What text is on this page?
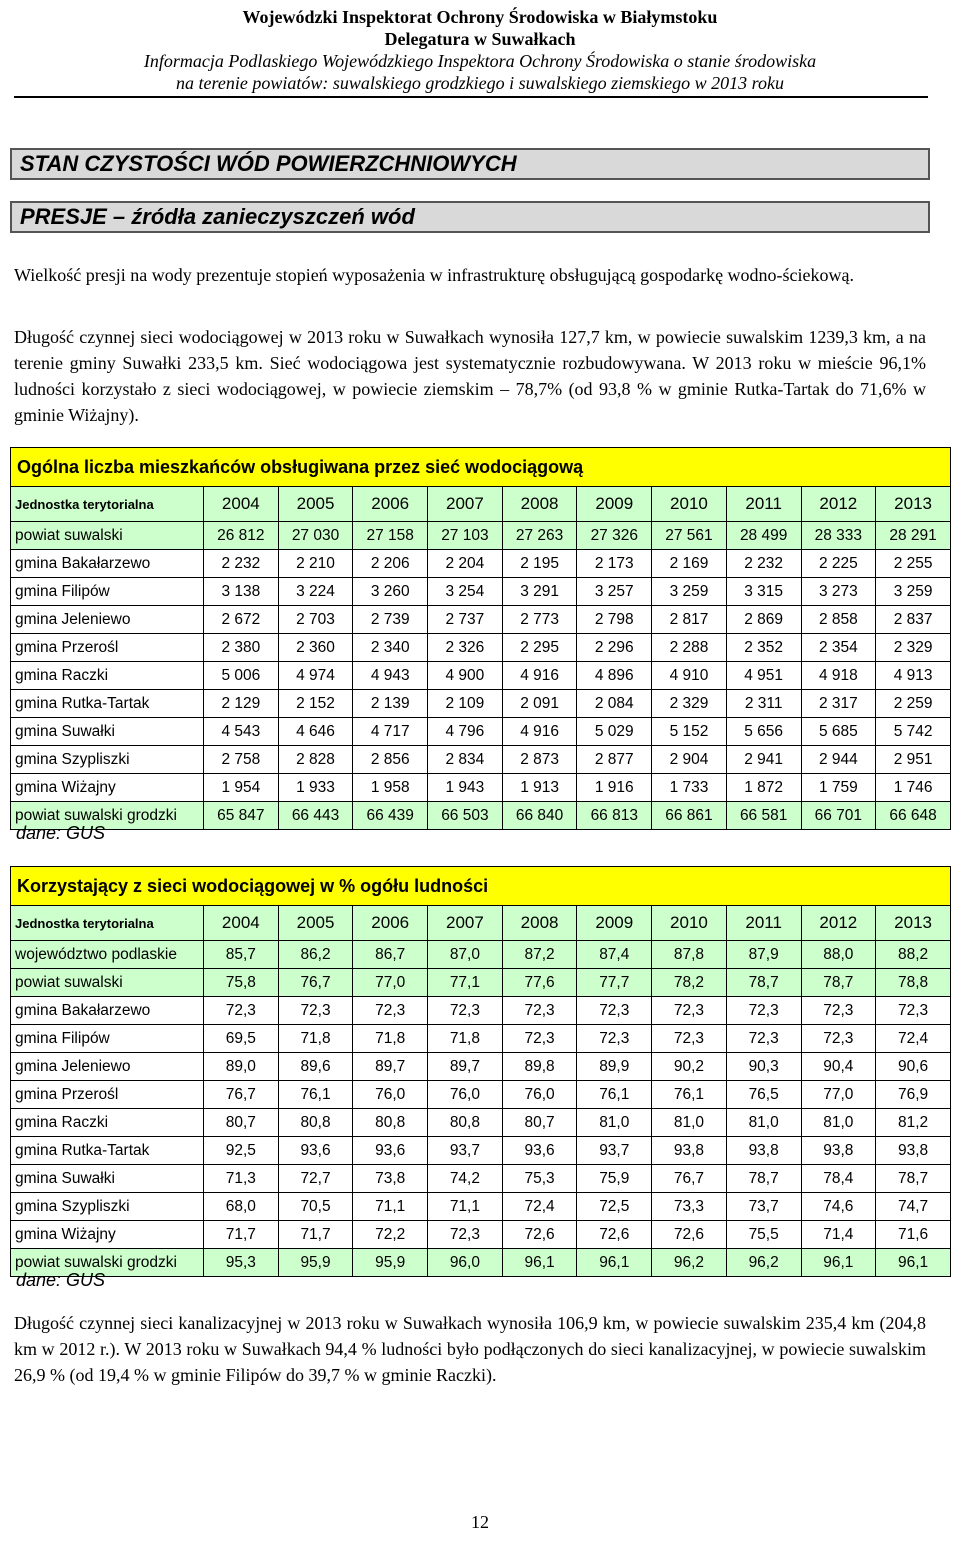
Wojewódzki Inspektorat Ochrony Środowiska w Białymstoku
Delegatura w Suwałkach
Informacja Podlaskiego Wojewódzkiego Inspektora Ochrony Środowiska o stanie środowiska
na terenie powiatów: suwalskiego grodzkiego i suwalskiego ziemskiego w 2013 roku
STAN CZYSTOŚCI WÓD POWIERZCHNIOWYCH
PRESJE – źródła zanieczyszczeń wód

Wielkość presji na wody prezentuje stopień wyposażenia w infrastrukturę obsługującą gospodarkę wodno-ściekową.

Długość czynnej sieci wodociągowej w 2013 roku w Suwałkach wynosiła 127,7 km, w powiecie suwalskim 1239,3 km, a na terenie gminy Suwałki 233,5 km. Sieć wodociągowa jest systematycznie rozbudowywana. W 2013 roku w mieście 96,1% ludności korzystało z sieci wodociągowej, w powiecie ziemskim – 78,7% (od 93,8 % w gminie Rutka-Tartak do 71,6% w gminie Wiżajny).

Ogólna liczba mieszkańców obsługiwana przez sieć wodociągową										
Jednostka terytorialna	2004	2005	2006	2007	2008	2009	2010	2011	2012	2013
powiat suwalski	26 812	27 030	27 158	27 103	27 263	27 326	27 561	28 499	28 333	28 291
gmina Bakałarzewo	2 232	2 210	2 206	2 204	2 195	2 173	2 169	2 232	2 225	2 255
gmina Filipów	3 138	3 224	3 260	3 254	3 291	3 257	3 259	3 315	3 273	3 259
gmina Jeleniewo	2 672	2 703	2 739	2 737	2 773	2 798	2 817	2 869	2 858	2 837
gmina Przerośl	2 380	2 360	2 340	2 326	2 295	2 296	2 288	2 352	2 354	2 329
gmina Raczki	5 006	4 974	4 943	4 900	4 916	4 896	4 910	4 951	4 918	4 913
gmina Rutka-Tartak	2 129	2 152	2 139	2 109	2 091	2 084	2 329	2 311	2 317	2 259
gmina Suwałki	4 543	4 646	4 717	4 796	4 916	5 029	5 152	5 656	5 685	5 742
gmina Szypliszki	2 758	2 828	2 856	2 834	2 873	2 877	2 904	2 941	2 944	2 951
gmina Wiżajny	1 954	1 933	1 958	1 943	1 913	1 916	1 733	1 872	1 759	1 746
powiat suwalski grodzki	65 847	66 443	66 439	66 503	66 840	66 813	66 861	66 581	66 701	66 648
dane: GUS
Korzystający z sieci wodociągowej w % ogółu ludności										
Jednostka terytorialna	2004	2005	2006	2007	2008	2009	2010	2011	2012	2013
województwo podlaskie	85,7	86,2	86,7	87,0	87,2	87,4	87,8	87,9	88,0	88,2
powiat suwalski	75,8	76,7	77,0	77,1	77,6	77,7	78,2	78,7	78,7	78,8
gmina Bakałarzewo	72,3	72,3	72,3	72,3	72,3	72,3	72,3	72,3	72,3	72,3
gmina Filipów	69,5	71,8	71,8	71,8	72,3	72,3	72,3	72,3	72,3	72,4
gmina Jeleniewo	89,0	89,6	89,7	89,7	89,8	89,9	90,2	90,3	90,4	90,6
gmina Przerośl	76,7	76,1	76,0	76,0	76,0	76,1	76,1	76,5	77,0	76,9
gmina Raczki	80,7	80,8	80,8	80,8	80,7	81,0	81,0	81,0	81,0	81,2
gmina Rutka-Tartak	92,5	93,6	93,6	93,7	93,6	93,7	93,8	93,8	93,8	93,8
gmina Suwałki	71,3	72,7	73,8	74,2	75,3	75,9	76,7	78,7	78,4	78,7
gmina Szypliszki	68,0	70,5	71,1	71,1	72,4	72,5	73,3	73,7	74,6	74,7
gmina Wiżajny	71,7	71,7	72,2	72,3	72,6	72,6	72,6	75,5	71,4	71,6
powiat suwalski grodzki	95,3	95,9	95,9	96,0	96,1	96,1	96,2	96,2	96,1	96,1
dane: GUS

Długość czynnej sieci kanalizacyjnej w 2013 roku w Suwałkach wynosiła 106,9 km, w powiecie suwalskim 235,4 km (204,8 km w 2012 r.). W 2013 roku w Suwałkach 94,4 % ludności było podłączonych do sieci kanalizacyjnej, w powiecie suwalskim 26,9 % (od 19,4 % w gminie Filipów do 39,7 % w gminie Raczki).

12
